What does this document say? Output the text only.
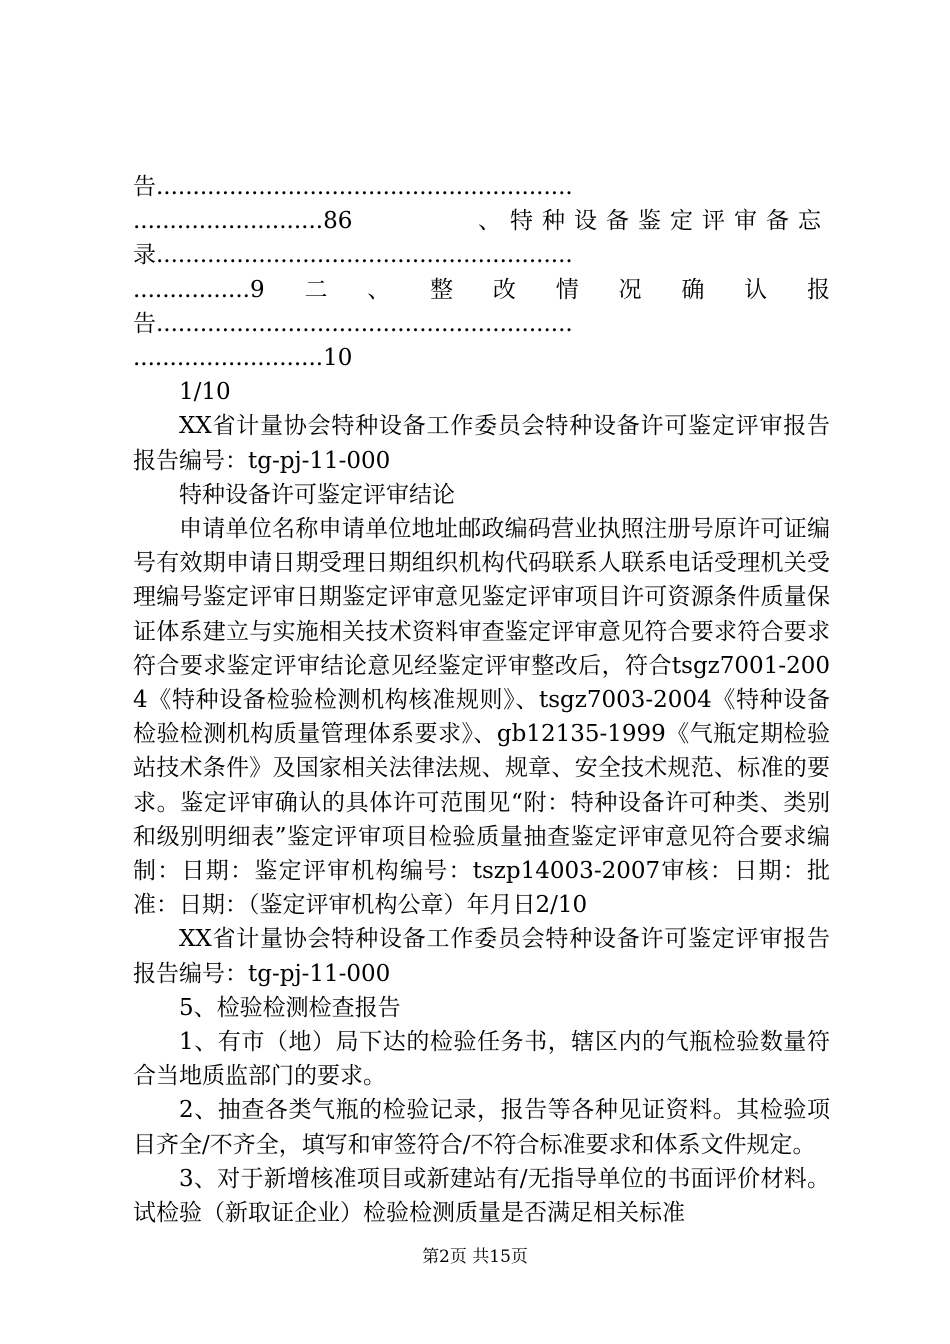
告.........................................................

..........................86	、特种设备鉴定评审备忘

录.........................................................

................9 二 、 整 改 情 况 确 认 报

告.........................................................

..........................10

1/10

XX省计量协会特种设备工作委员会特种设备许可鉴定评审报告报告编号：tg-pj-11-000

特种设备许可鉴定评审结论

申请单位名称申请单位地址邮政编码营业执照注册号原许可证编号有效期申请日期受理日期组织机构代码联系人联系电话受理机关受理编号鉴定评审日期鉴定评审意见鉴定评审项目许可资源条件质量保证体系建立与实施相关技术资料审查鉴定评审意见符合要求符合要求符合要求鉴定评审结论意见经鉴定评审整改后，符合tsgz7001-2004《特种设备检验检测机构核准规则》、tsgz7003-2004《特种设备检验检测机构质量管理体系要求》、gb12135-1999《气瓶定期检验站技术条件》及国家相关法律法规、规章、安全技术规范、标准的要求。鉴定评审确认的具体许可范围见“附：特种设备许可种类、类别和级别明细表”鉴定评审项目检验质量抽查鉴定评审意见符合要求编制：日期：鉴定评审机构编号：tszp14003-2007审核：日期：批准：日期：（鉴定评审机构公章）年月日2/10

XX省计量协会特种设备工作委员会特种设备许可鉴定评审报告报告编号：tg-pj-11-000

5、检验检测检查报告

1、有市（地）局下达的检验任务书，辖区内的气瓶检验数量符合当地质监部门的要求。

2、抽查各类气瓶的检验记录，报告等各种见证资料。其检验项目齐全/不齐全，填写和审签符合/不符合标准要求和体系文件规定。

3、对于新增核准项目或新建站有/无指导单位的书面评价材料。试检验（新取证企业）检验检测质量是否满足相关标准

第2页 共15页
